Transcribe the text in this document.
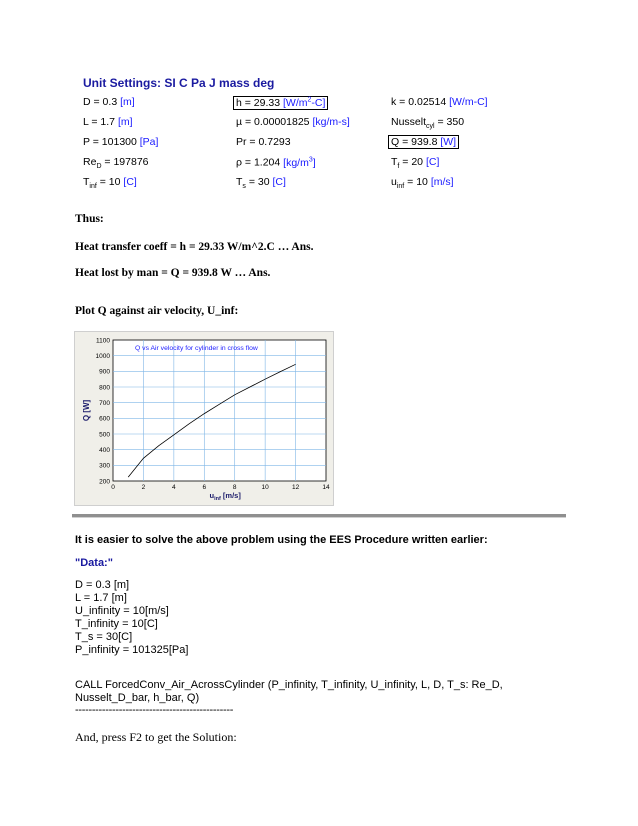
Unit Settings: SI C Pa J mass deg
D = 0.3 [m]	h = 29.33 $[W/m^2-C]$	k = 0.02514 [W/m-C]
L = 1.7 [m]	µ = 0.00001825 [kg/m-s]	Nusselt$_{cyl}$ = 350
P = 101300 [Pa]	Pr = 0.7293	Q = 939.8 [W]
$Re_D = 197876$	ρ = 1.204 $[kg/m^3]$	$T_f = 20$ [C]
$T_{inf} = 10$ [C]	$T_s = 30$ [C]	$u_{inf} = 10$ [m/s]
Thus:
Heat transfer coeff = h = 29.33 W/m^2.C … Ans.
Heat lost by man = Q = 939.8 W … Ans.
Plot Q against air velocity, U_inf:
0	2	4	6	8	10	12	14
200
300
400
500
600
700
800
900
1000
1100
Q vs Air velocity for cylinder in cross flow
$u_{inf}$ [m/s]
Q [W]
It is easier to solve the above problem using the EES Procedure written earlier:
"Data:"
D = 0.3 [m]
L = 1.7 [m]
U_infinity = 10[m/s]
T_infinity = 10[C]
T_s = 30[C]
P_infinity = 101325[Pa]
CALL ForcedConv_Air_AcrossCylinder (P_infinity, T_infinity, U_infinity, L, D, T_s: Re_D,
Nusselt_D_bar, h_bar, Q)
-----------------------------------------------
And, press F2 to get the Solution:
